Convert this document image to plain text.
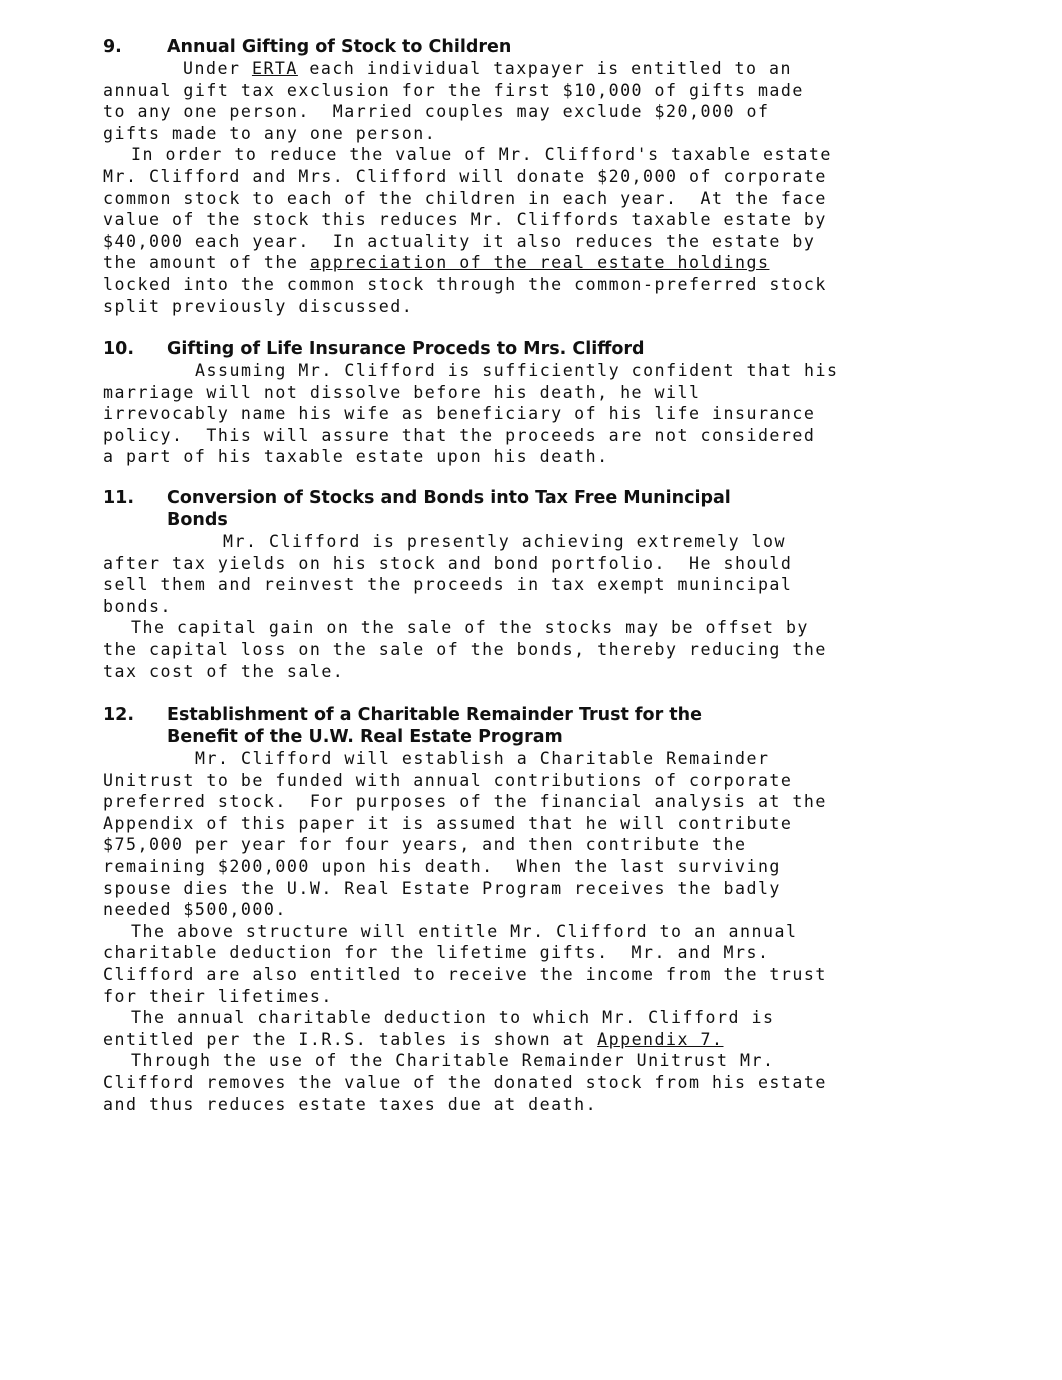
9.	Annual Gifting of Stock to Children
Under ERTA each individual taxpayer is entitled to an
annual gift tax exclusion for the first $10,000 of gifts made
to any one person.  Married couples may exclude $20,000 of
gifts made to any one person.
In order to reduce the value of Mr. Clifford's taxable estate
Mr. Clifford and Mrs. Clifford will donate $20,000 of corporate
common stock to each of the children in each year.  At the face
value of the stock this reduces Mr. Cliffords taxable estate by
$40,000 each year.  In actuality it also reduces the estate by
the amount of the appreciation of the real estate holdings
locked into the common stock through the common-preferred stock
split previously discussed.
10. Gifting of Life Insurance Proceds to Mrs. Clifford
Assuming Mr. Clifford is sufficiently confident that his
marriage will not dissolve before his death, he will
irrevocably name his wife as beneficiary of his life insurance
policy.  This will assure that the proceeds are not considered
a part of his taxable estate upon his death.
11. Conversion of Stocks and Bonds into Tax Free Munincipal
Bonds
Mr. Clifford is presently achieving extremely low
after tax yields on his stock and bond portfolio.  He should
sell them and reinvest the proceeds in tax exempt munincipal
bonds.
The capital gain on the sale of the stocks may be offset by
the capital loss on the sale of the bonds, thereby reducing the
tax cost of the sale.
12. Establishment of a Charitable Remainder Trust for the
Benefit of the U.W. Real Estate Program
Mr. Clifford will establish a Charitable Remainder
Unitrust to be funded with annual contributions of corporate
preferred stock.  For purposes of the financial analysis at the
Appendix of this paper it is assumed that he will contribute
$75,000 per year for four years, and then contribute the
remaining $200,000 upon his death.  When the last surviving
spouse dies the U.W. Real Estate Program receives the badly
needed $500,000.
The above structure will entitle Mr. Clifford to an annual
charitable deduction for the lifetime gifts.  Mr. and Mrs.
Clifford are also entitled to receive the income from the trust
for their lifetimes.
The annual charitable deduction to which Mr. Clifford is
entitled per the I.R.S. tables is shown at Appendix 7.
Through the use of the Charitable Remainder Unitrust Mr.
Clifford removes the value of the donated stock from his estate
and thus reduces estate taxes due at death.
